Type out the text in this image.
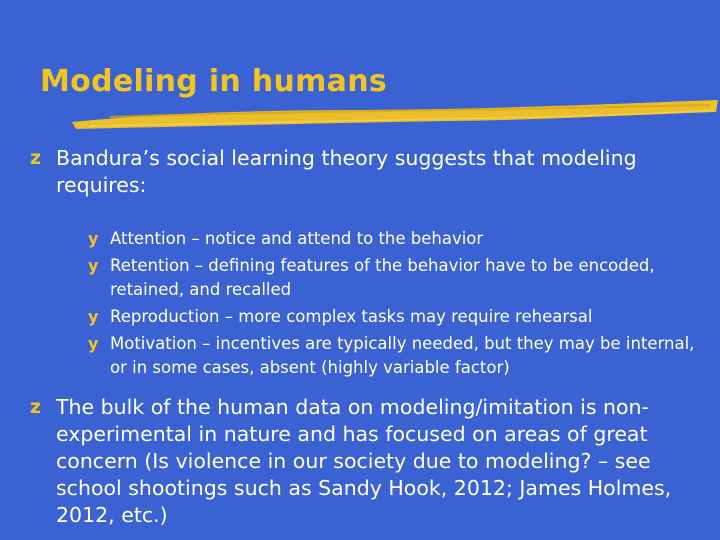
Modeling in humans
z Bandura’s social learning theory suggests that modeling requires:
y Attention – notice and attend to the behavior
y Retention – defining features of the behavior have to be encoded, retained, and recalled
y Reproduction – more complex tasks may require rehearsal
y Motivation – incentives are typically needed, but they may be internal, or in some cases, absent (highly variable factor)
z The bulk of the human data on modeling/imitation is non-experimental in nature and has focused on areas of great concern (Is violence in our society due to modeling? – see school shootings such as Sandy Hook, 2012; James Holmes, 2012, etc.)
